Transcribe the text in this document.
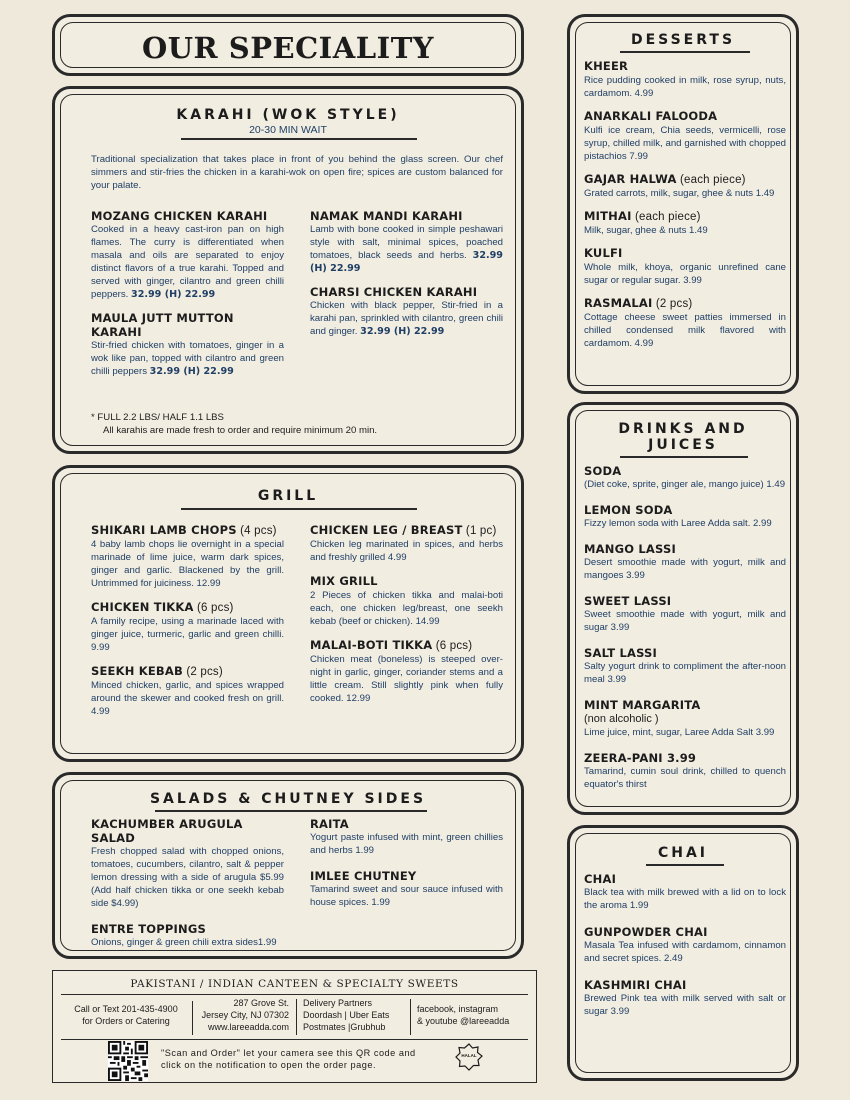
OUR SPECIALITY
KARAHI (WOK STYLE)
20-30 MIN WAIT
Traditional specialization that takes place in front of you behind the glass screen. Our chef simmers and stir-fries the chicken in a karahi-wok on open fire; spices are custom balanced for your palate.
MOZANG CHICKEN KARAHI
Cooked in a heavy cast-iron pan on high flames. The curry is differentiated when masala and oils are separated to enjoy distinct flavors of a true karahi. Topped and served with ginger, cilantro and green chilli peppers. 32.99 (H) 22.99
MAULA JUTT MUTTON KARAHI
Stir-fried chicken with tomatoes, ginger in a wok like pan, topped with cilantro and green chilli peppers 32.99 (H) 22.99
NAMAK MANDI KARAHI
Lamb with bone cooked in simple peshawari style with salt, minimal spices, poached tomatoes, black seeds and herbs. 32.99 (H) 22.99
CHARSI CHICKEN KARAHI
Chicken with black pepper, Stir-fried in a karahi pan, sprinkled with cilantro, green chili and ginger. 32.99 (H) 22.99
* FULL 2.2 LBS/ HALF 1.1 LBS
All karahis are made fresh to order and require minimum 20 min.
GRILL
SHIKARI LAMB CHOPS (4 pcs)
4 baby lamb chops lie overnight in a special marinade of lime juice, warm dark spices, ginger and garlic. Blackened by the grill. Untrimmed for juiciness. 12.99
CHICKEN TIKKA (6 pcs)
A family recipe, using a marinade laced with ginger juice, turmeric, garlic and green chilli. 9.99
SEEKH KEBAB (2 pcs)
Minced chicken, garlic, and spices wrapped around the skewer and cooked fresh on grill. 4.99
CHICKEN LEG / BREAST (1 pc)
Chicken leg marinated in spices, and herbs and freshly grilled 4.99
MIX GRILL
2 Pieces of chicken tikka and malai-boti each, one chicken leg/breast, one seekh kebab (beef or chicken). 14.99
MALAI-BOTI TIKKA (6 pcs)
Chicken meat (boneless) is steeped over-night in garlic, ginger, coriander stems and a little cream. Still slightly pink when fully cooked. 12.99
SALADS & CHUTNEY SIDES
KACHUMBER ARUGULA SALAD
Fresh chopped salad with chopped onions, tomatoes, cucumbers, cilantro, salt & pepper lemon dressing with a side of arugula $5.99 (Add half chicken tikka or one seekh kebab side $4.99)
ENTRE TOPPINGS
Onions, ginger & green chili extra sides1.99
RAITA
Yogurt paste infused with mint, green chillies and herbs 1.99
IMLEE CHUTNEY
Tamarind sweet and sour sauce infused with house spices. 1.99
PAKISTANI / INDIAN CANTEEN & SPECIALTY SWEETS
Call or Text 201-435-4900
for Orders or Catering
287 Grove St.
Jersey City, NJ 07302
www.lareeadda.com
Delivery Partners
Doordash | Uber Eats
Postmates |Grubhub
facebook, instagram
& youtube @lareeadda
"Scan and Order" let your camera see this QR code and
click on the notification to open the order page.
HALAL
DESSERTS
KHEER
Rice pudding cooked in milk, rose syrup, nuts, cardamom. 4.99
ANARKALI FALOODA
Kulfi ice cream, Chia seeds, vermicelli, rose syrup, chilled milk, and garnished with chopped pistachios 7.99
GAJAR HALWA (each piece)
Grated carrots, milk, sugar, ghee & nuts 1.49
MITHAI (each piece)
Milk, sugar, ghee & nuts 1.49
KULFI
Whole milk, khoya, organic unrefined cane sugar or regular sugar. 3.99
RASMALAI (2 pcs)
Cottage cheese sweet patties immersed in chilled condensed milk flavored with cardamom. 4.99
DRINKS AND
JUICES
SODA
(Diet coke, sprite, ginger ale, mango juice) 1.49
LEMON SODA
Fizzy lemon soda with Laree Adda salt. 2.99
MANGO LASSI
Desert smoothie made with yogurt, milk and mangoes 3.99
SWEET LASSI
Sweet smoothie made with yogurt, milk and sugar 3.99
SALT LASSI
Salty yogurt drink to compliment the after-noon meal 3.99
MINT MARGARITA
(non alcoholic )
Lime juice, mint, sugar, Laree Adda Salt 3.99
ZEERA-PANI 3.99
Tamarind, cumin soul drink, chilled to quench equator's thirst
CHAI
CHAI
Black tea with milk brewed with a lid on to lock the aroma 1.99
GUNPOWDER CHAI
Masala Tea infused with cardamom, cinnamon and secret spices. 2.49
KASHMIRI CHAI
Brewed Pink tea with milk served with salt or sugar 3.99
